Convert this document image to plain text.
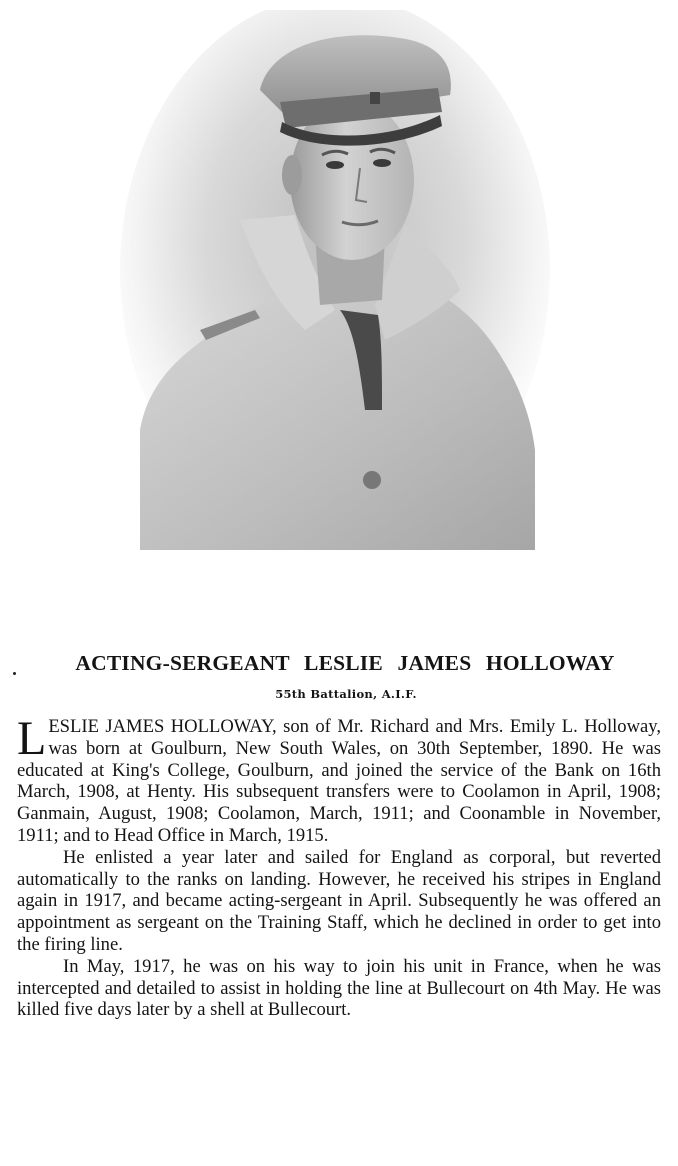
ACTING-SERGEANT LESLIE JAMES HOLLOWAY
55th Battalion, A.I.F.

LESLIE JAMES HOLLOWAY, son of Mr. Richard and Mrs. Emily L. Holloway, was born at Goulburn, New South Wales, on 30th September, 1890. He was educated at King's College, Goulburn, and joined the service of the Bank on 16th March, 1908, at Henty. His subsequent transfers were to Coolamon in April, 1908; Ganmain, August, 1908; Coolamon, March, 1911; and Coonamble in November, 1911; and to Head Office in March, 1915.

He enlisted a year later and sailed for England as corporal, but reverted automatically to the ranks on landing. However, he received his stripes in England again in 1917, and became acting-sergeant in April. Subsequently he was offered an appointment as sergeant on the Training Staff, which he declined in order to get into the firing line.

In May, 1917, he was on his way to join his unit in France, when he was intercepted and detailed to assist in holding the line at Bullecourt on 4th May. He was killed five days later by a shell at Bullecourt.
